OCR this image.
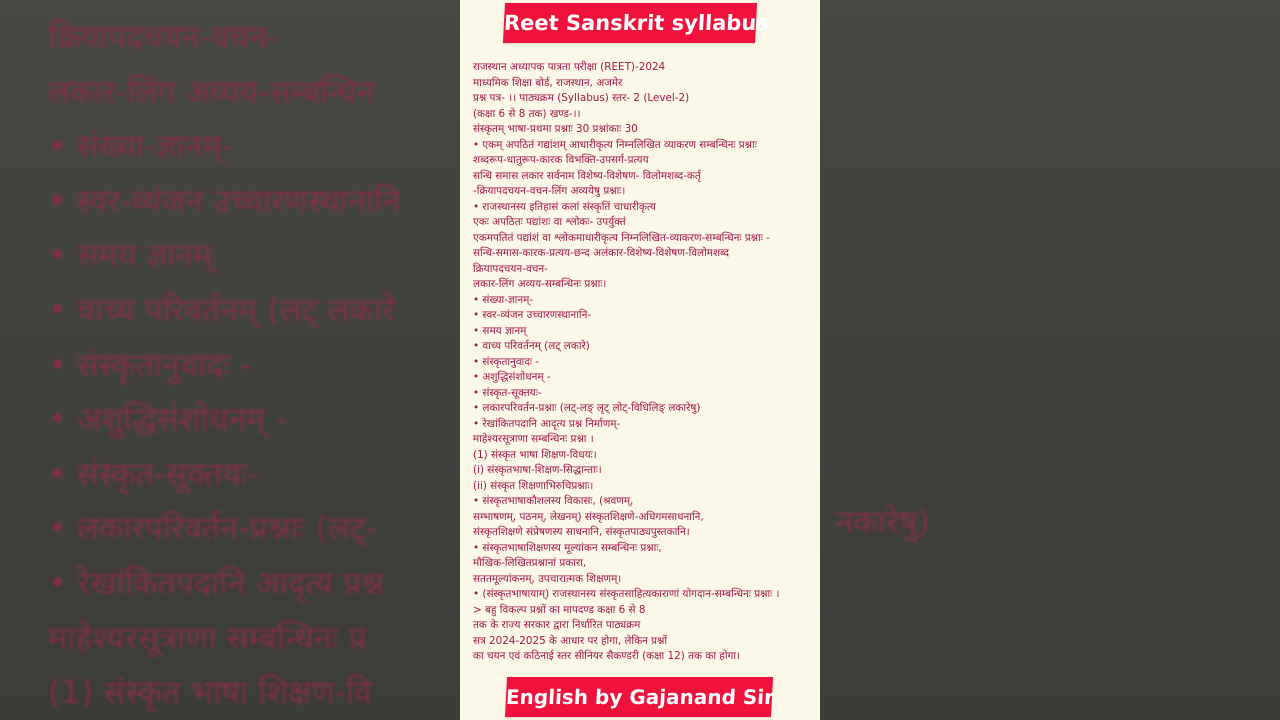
क्रियापदचयन-वचन-
लकार-लिंग अव्यय-सम्बन्धिन
• संख्या-ज्ञानम्-
• स्वर-व्यंजन उच्चारणस्थानानि
• समय ज्ञानम्
• वाच्य परिवर्तनम् (लट् लकारे
• संस्कृतानुवादः -
• अशुद्धिसंशोधनम् -
• संस्कृत-सूक्तयः-
• लकारपरिवर्तन-प्रश्नाः (लट्-
• रेखांकितपदानि आदृत्य प्रश्न
माहेश्यरसूत्राणा सम्बन्धिनः प्र
(1) संस्कृत भाषा शिक्षण-वि
नकारेषु)
Reet Sanskrit syllabus
राजस्थान अध्यापक पात्रता परीक्षा (REET)-2024
माध्यमिक शिक्षा बोर्ड, राजस्थान, अजमेर
प्रश्न पत्र- ।। पाठ्यक्रम (Syllabus) स्तर- 2 (Level-2)
(कक्षा 6 से 8 तक) खण्ड-।।
संस्कृतम् भाषा-प्रथमा प्रश्नाः 30 प्रश्नांकाः 30
• एकम् अपठितं गद्यांशम् आधारीकृत्य निम्नलिखित व्याकरण सम्बन्धिनः प्रश्नाः
शब्दरूप-धातुरूप-कारक विभक्ति-उपसर्ग-प्रत्यय
सन्धि समास लकार सर्वनाम विशेष्य-विशेषण- विलोमशब्द-कर्तृ
-क्रियापदचयन-वचन-लिंग अव्ययेषु प्रश्नाः।
• राजस्थानस्य इतिहासं कलां संस्कृतिं चाधारीकृत्य
एकः अपठितः पद्यांशः वा श्लोकः- उपर्युक्तं
एकमपतितं पद्यांशं वा श्लोकमाधारीकृत्य निम्नलिखित-व्याकरण-सम्बन्धिनः प्रश्नाः -
सन्धि-समास-कारक-प्रत्यय-छन्द अलंकार-विशेष्य-विशेषण-विलोमशब्द
क्रियापदचयन-वचन-
लकार-लिंग अव्यय-सम्बन्धिनः प्रश्नाः।
• संख्या-ज्ञानम्-
• स्वर-व्यंजन उच्चारणस्थानानि-
• समय ज्ञानम्
• वाच्य परिवर्तनम् (लट् लकारे)
• संस्कृतानुवादः -
• अशुद्धिसंशोधनम् -
• संस्कृत-सूक्तयः-
• लकारपरिवर्तन-प्रश्नाः (लट्-लङ् लृट् लोट्-विधिलिङ् लकारेषु)
• रेखांकितपदानि आदृत्य प्रश्न निर्माणम्-
माहेश्यरसूत्राणा सम्बन्धिनः प्रश्ना ।
(1) संस्कृत भाषा शिक्षण-विधयः।
(i) संस्कृतभाषा-शिक्षण-सिद्धान्ताः।
(ii) संस्कृत शिक्षणाभिरुचिप्रश्नाः।
• संस्कृतभाषाकौशलस्य विकासः, (श्रवणम्,
सम्भाषणम्, पठनम्, लेखनम्) संस्कृतशिक्षणे-अधिगमसाधनानि,
संस्कृतशिक्षणे संप्रेषणस्य साधनानि, संस्कृतपाठ्यपुस्तकानि।
• संस्कृतभाषाशिक्षणस्य मूल्यांकन सम्बन्धिनः प्रश्नाः,
मौखिक-लिखितप्रश्नानां प्रकारा,
सततमूल्यांकनम्, उपचारात्मक शिक्षणम्।
• (संस्कृतभाषायाम्) राजस्थानस्य संस्कृतसाहित्यकाराणां योगदान-सम्बन्धिनः प्रश्नाः ।
> बहु विकल्प प्रश्नों का मापदण्ड कक्षा 6 से 8
तक के राज्य सरकार द्वारा निर्धारित पाठ्यक्रम
सत्र 2024-2025 के आधार पर होगा, लेकिन प्रश्नों
का चयन एवं कठिनाई स्तर सीनियर सैकण्डरी (कक्षा 12) तक का होगा।
English by Gajanand Sir
